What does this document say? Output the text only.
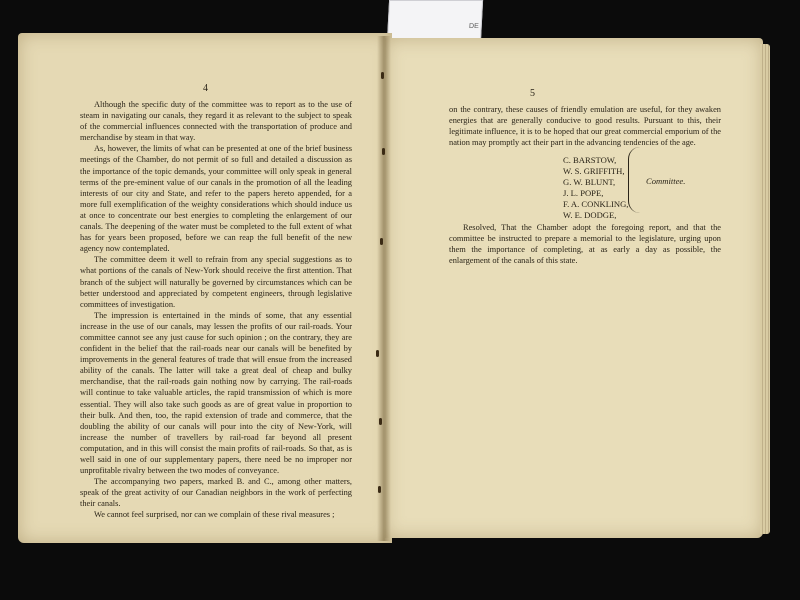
DE
4

Although the specific duty of the committee was to report as to the use of steam in navigating our canals, they regard it as relevant to the subject to speak of the commercial influences connected with the transportation of produce and merchandise by steam in that way.

As, however, the limits of what can be presented at one of the brief business meetings of the Chamber, do not permit of so full and detailed a discussion as the importance of the topic demands, your committee will only speak in general terms of the pre-eminent value of our canals in the promotion of all the leading interests of our city and State, and refer to the papers hereto appended, for a more full exemplification of the weighty considerations which should induce us at once to concentrate our best energies to completing the enlargement of our canals. The deepening of the water must be completed to the full extent of what has for years been proposed, before we can reap the full benefit of the new agency now contemplated.

The committee deem it well to refrain from any special suggestions as to what portions of the canals of New-York should receive the first attention. That branch of the subject will naturally be governed by circumstances which can be better understood and appreciated by competent engineers, through legislative committees of investigation.

The impression is entertained in the minds of some, that any essential increase in the use of our canals, may lessen the profits of our rail-roads. Your committee cannot see any just cause for such opinion ; on the contrary, they are confident in the belief that the rail-roads near our canals will be benefited by improvements in the general features of trade that will ensue from the increased ability of the canals. The latter will take a great deal of cheap and bulky merchandise, that the rail-roads gain nothing now by carrying. The rail-roads will continue to take valuable articles, the rapid transmission of which is more essential. They will also take such goods as are of great value in proportion to their bulk. And then, too, the rapid extension of trade and commerce, that the doubling the ability of our canals will pour into the city of New-York, will increase the number of travellers by rail-road far beyond all present computation, and in this will consist the main profits of rail-roads. So that, as is well said in one of our supplementary papers, there need be no improper nor unprofitable rivalry between the two modes of conveyance.

The accompanying two papers, marked B. and C., among other matters, speak of the great activity of our Canadian neighbors in the work of perfecting their canals.

We cannot feel surprised, nor can we complain of these rival measures ;

5

on the contrary, these causes of friendly emulation are useful, for they awaken energies that are generally conducive to good results. Pursuant to this, their legitimate influence, it is to be hoped that our great commercial emporium of the nation may promptly act their part in the advancing tendencies of the age.

C. BARSTOW,
W. S. GRIFFITH,
G. W. BLUNT,
J. L. POPE,
F. A. CONKLING,
W. E. DODGE,
Committee.

Resolved, That the Chamber adopt the foregoing report, and that the committee be instructed to prepare a memorial to the legislature, urging upon them the importance of completing, at as early a day as possible, the enlargement of the canals of this state.
